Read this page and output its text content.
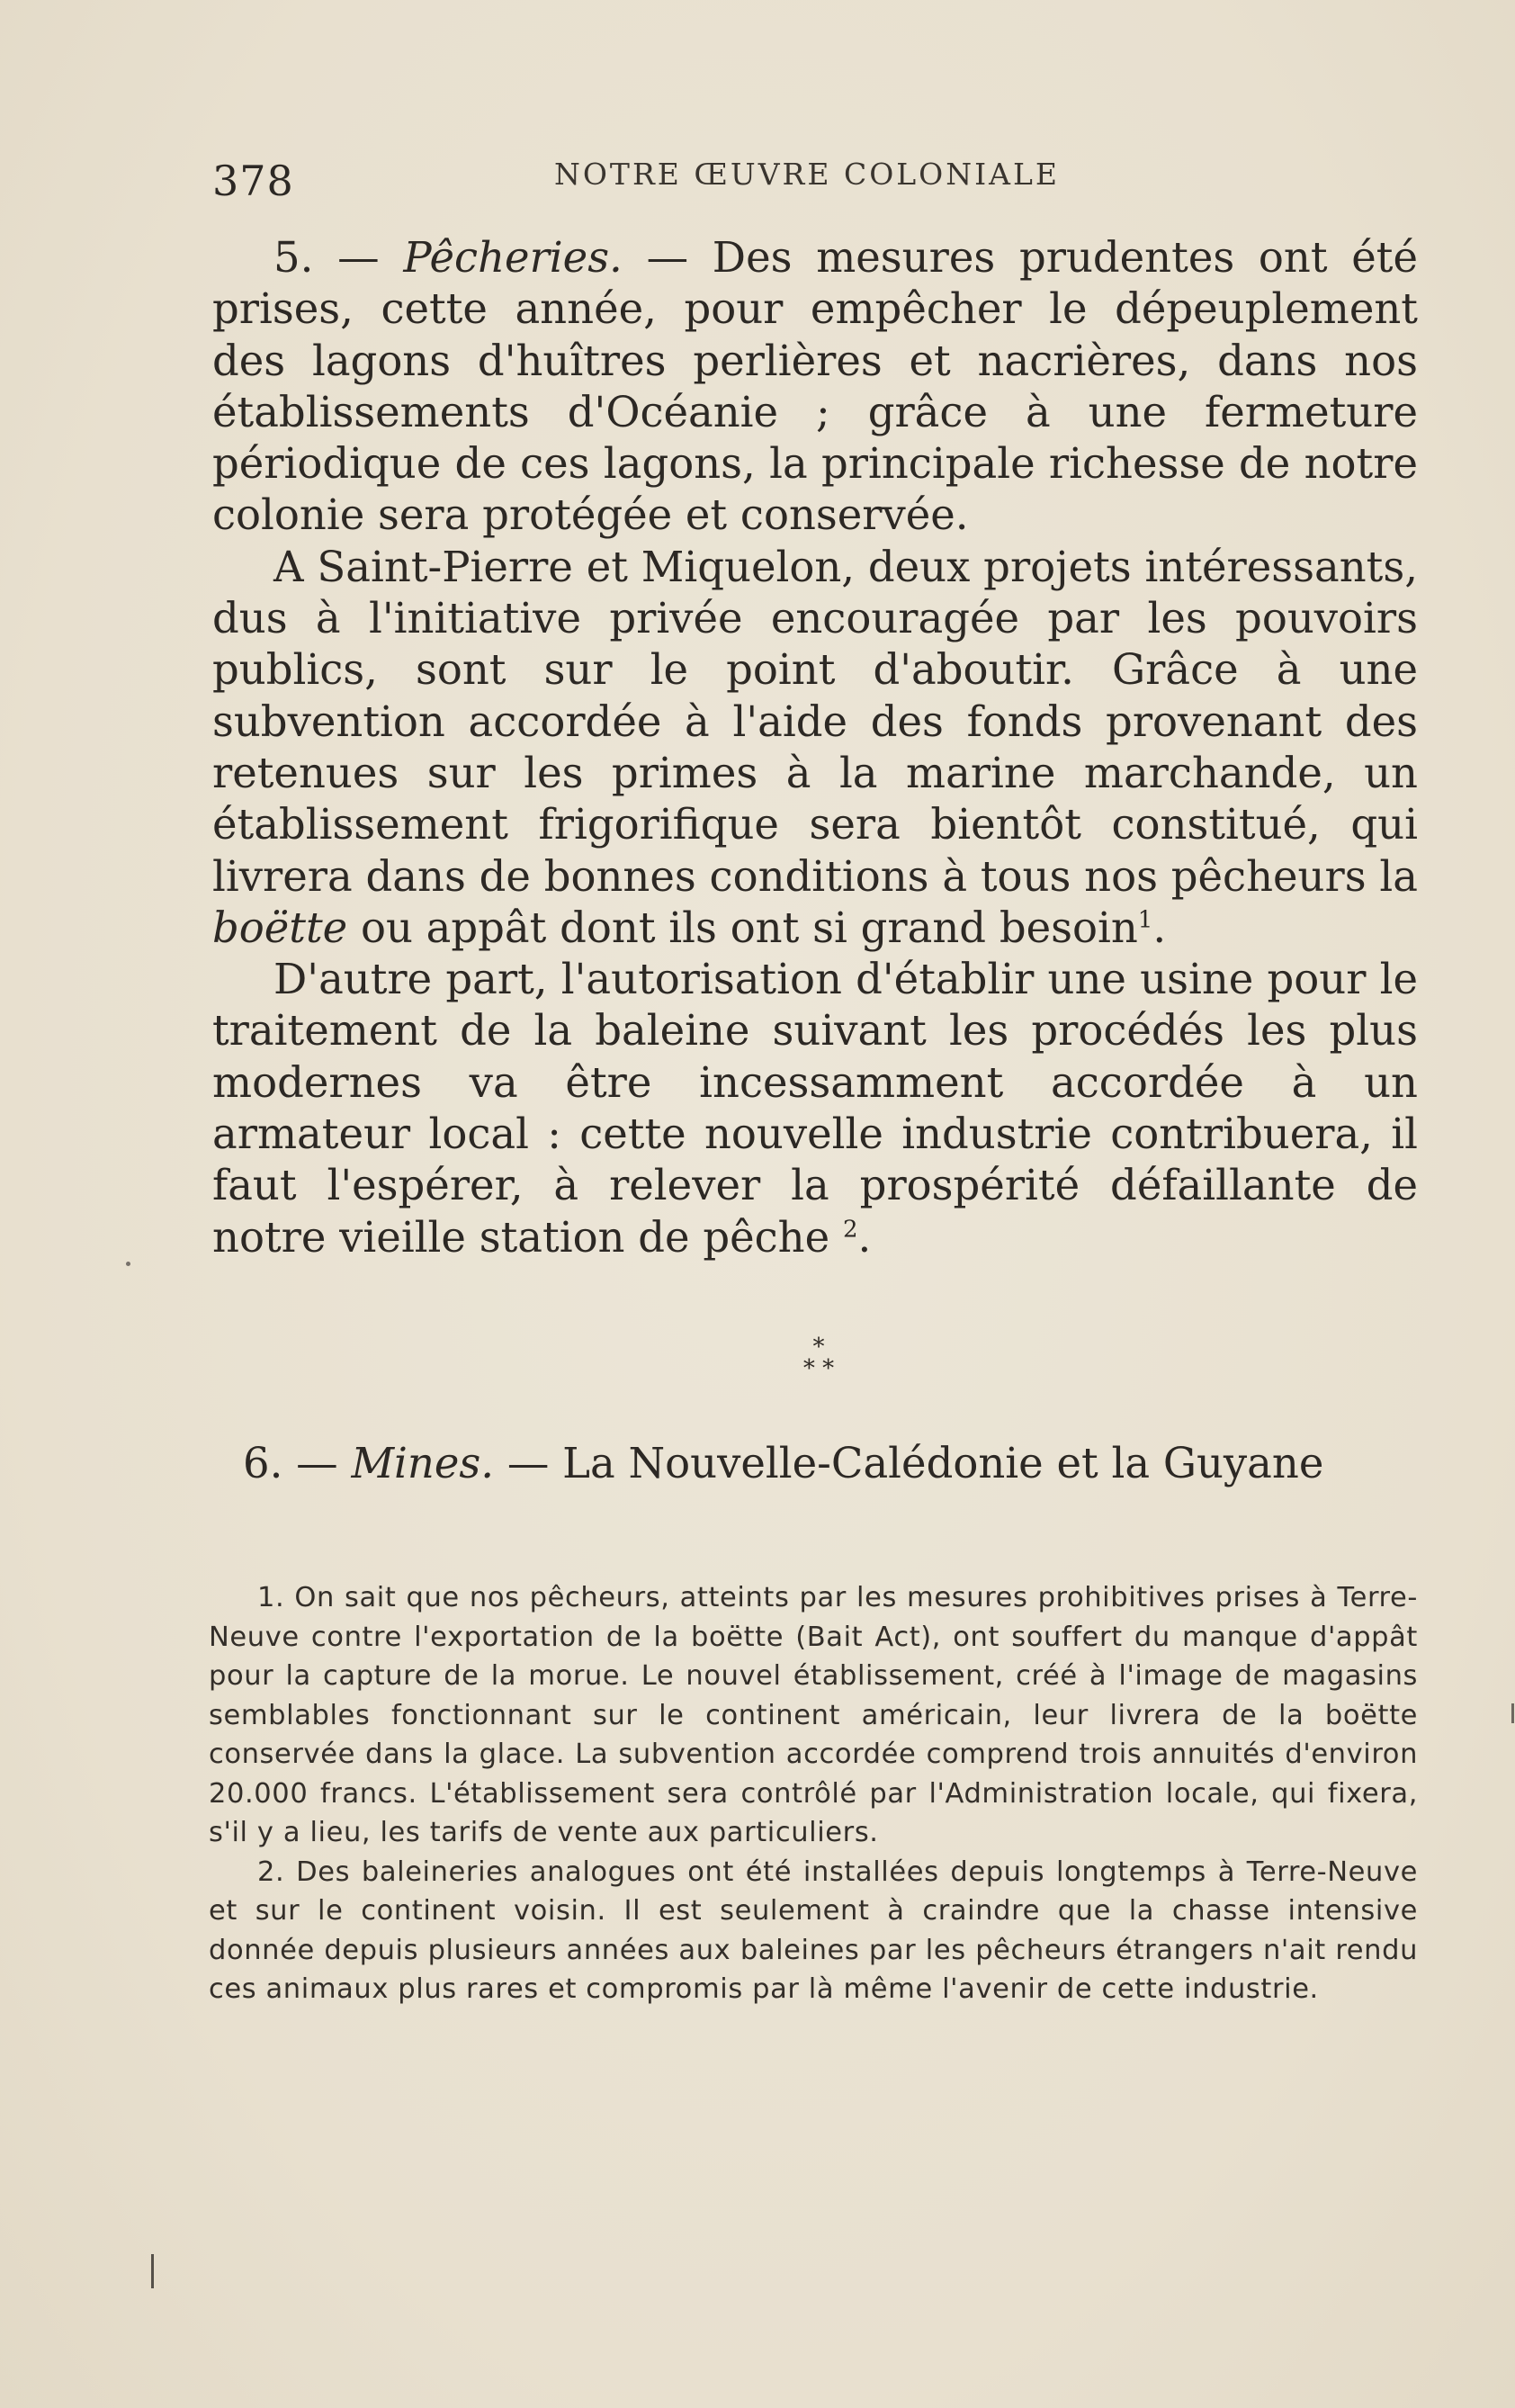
378	NOTRE ŒUVRE COLONIALE

5. — Pêcheries. — Des mesures prudentes ont été prises, cette année, pour empêcher le dépeuplement des lagons d'huîtres perlières et nacrières, dans nos établissements d'Océanie ; grâce à une fermeture périodique de ces lagons, la principale richesse de notre colonie sera protégée et conservée.

A Saint-Pierre et Miquelon, deux projets intéressants, dus à l'initiative privée encouragée par les pouvoirs publics, sont sur le point d'aboutir. Grâce à une subvention accordée à l'aide des fonds provenant des retenues sur les primes à la marine marchande, un établissement frigorifique sera bientôt constitué, qui livrera dans de bonnes conditions à tous nos pêcheurs la boëtte ou appât dont ils ont si grand besoin$^1$.

D'autre part, l'autorisation d'établir une usine pour le traitement de la baleine suivant les procédés les plus modernes va être incessamment accordée à un armateur local : cette nouvelle industrie contribuera, il faut l'espérer, à relever la prospérité défaillante de notre vieille station de pêche $^2$.

*
* *
6. — Mines. — La Nouvelle-Calédonie et la Guyane

1. On sait que nos pêcheurs, atteints par les mesures prohibitives prises à Terre-Neuve contre l'exportation de la boëtte (Bait Act), ont souffert du manque d'appât pour la capture de la morue. Le nouvel établissement, créé à l'image de magasins semblables fonctionnant sur le continent américain, leur livrera de la boëtte conservée dans la glace. La subvention accordée comprend trois annuités d'environ 20.000 francs. L'établissement sera contrôlé par l'Administration locale, qui fixera, s'il y a lieu, les tarifs de vente aux particuliers.

2. Des baleineries analogues ont été installées depuis longtemps à Terre-Neuve et sur le continent voisin. Il est seulement à craindre que la chasse intensive donnée depuis plusieurs années aux baleines par les pêcheurs étrangers n'ait rendu ces animaux plus rares et compromis par là même l'avenir de cette industrie.
